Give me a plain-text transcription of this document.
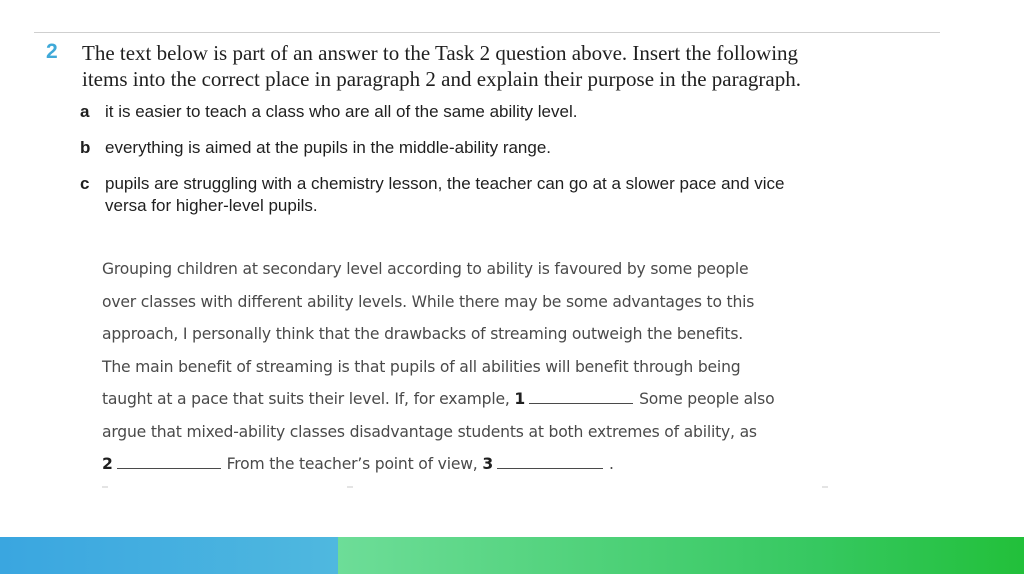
2 The text below is part of an answer to the Task 2 question above. Insert the following
items into the correct place in paragraph 2 and explain their purpose in the paragraph.
a it is easier to teach a class who are all of the same ability level.
b everything is aimed at the pupils in the middle-ability range.
c pupils are struggling with a chemistry lesson, the teacher can go at a slower pace and vice
versa for higher-level pupils.

Grouping children at secondary level according to ability is favoured by some people
over classes with different ability levels. While there may be some advantages to this
approach, I personally think that the drawbacks of streaming outweigh the benefits.

The main benefit of streaming is that pupils of all abilities will benefit through being
taught at a pace that suits their level. If, for example, 1	Some people also
argue that mixed-ability classes disadvantage students at both extremes of ability, as
2	From the teacher’s point of view, 3	.
